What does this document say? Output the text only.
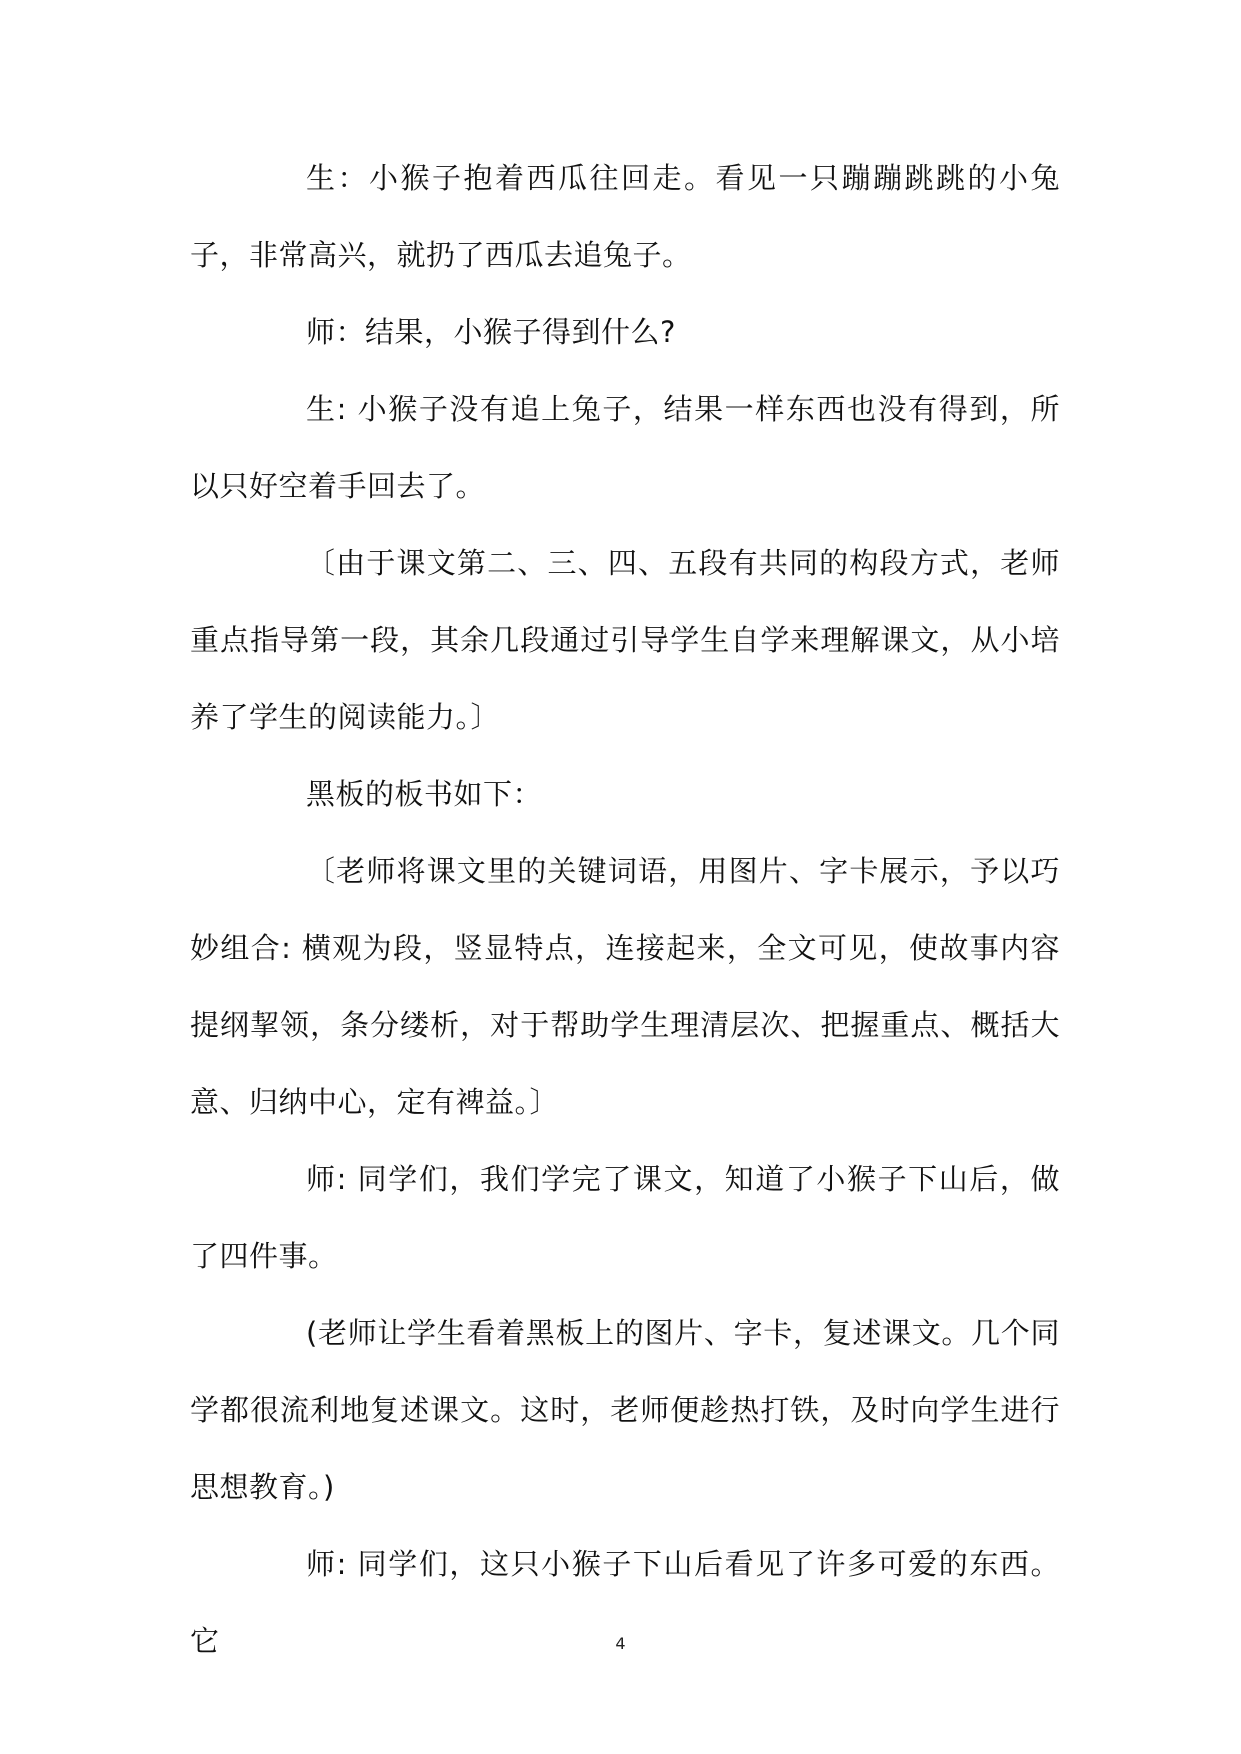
生：小猴子抱着西瓜往回走。看见一只蹦蹦跳跳的小兔子，非常高兴，就扔了西瓜去追兔子。

师：结果，小猴子得到什么?

生: 小猴子没有追上兔子，结果一样东西也没有得到，所以只好空着手回去了。

〔由于课文第二、三、四、五段有共同的构段方式，老师重点指导第一段，其余几段通过引导学生自学来理解课文，从小培养了学生的阅读能力。〕

黑板的板书如下：

〔老师将课文里的关键词语，用图片、字卡展示，予以巧妙组合: 横观为段，竖显特点，连接起来，全文可见，使故事内容提纲挈领，条分缕析，对于帮助学生理清层次、把握重点、概括大意、归纳中心，定有裨益。〕

师: 同学们，我们学完了课文，知道了小猴子下山后，做了四件事。

(老师让学生看着黑板上的图片、字卡，复述课文。几个同学都很流利地复述课文。这时，老师便趁热打铁，及时向学生进行思想教育。)

师: 同学们，这只小猴子下山后看见了许多可爱的东西。它	4
